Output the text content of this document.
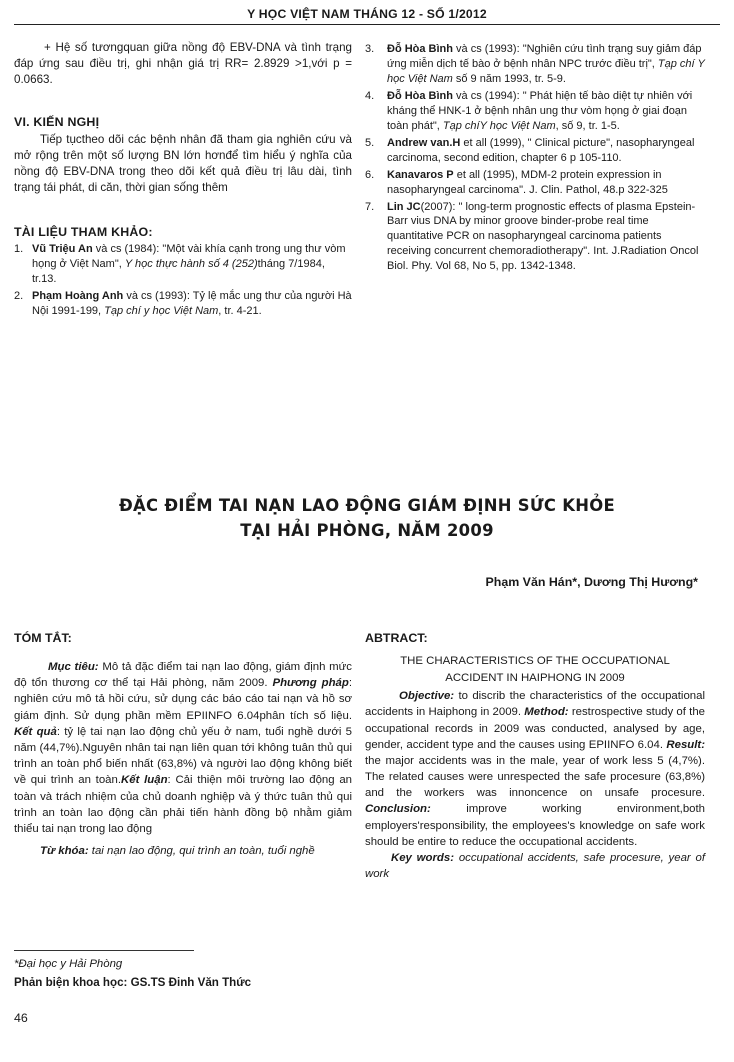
Y HỌC VIỆT NAM THÁNG 12 - SỐ 1/2012

+ Hệ số tươngquan giữa nồng độ EBV-DNA và tình trạng đáp ứng sau điều trị, ghi nhận giá trị RR= 2.8929 >1,với p = 0.0663.

VI. KIẾN NGHỊ

Tiếp tụctheo dõi các bệnh nhân đã tham gia nghiên cứu và mở rộng trên một số lượng BN lớn hơnđể tìm hiểu ý nghĩa của nồng độ EBV-DNA trong theo dõi kết quả điều trị lâu dài, tình trạng tái phát, di căn, thời gian sống thêm

TÀI LIỆU THAM KHẢO:

1. Vũ Triệu An và cs (1984): "Một vài khía cạnh trong ung thư vòm họng ở Việt Nam", Y học thực hành số 4 (252)tháng 7/1984, tr.13.
2. Phạm Hoàng Anh và cs (1993): Tỷ lệ mắc ung thư của người Hà Nội 1991-199, Tạp chí y học Việt Nam, tr. 4-21.
3. Đỗ Hòa Bình và cs (1993): "Nghiên cứu tình trạng suy giảm đáp ứng miễn dịch tế bào ở bệnh nhân NPC trước điều trị", Tạp chí Y học Việt Nam số 9 năm 1993, tr. 5-9.
4. Đỗ Hòa Bình và cs (1994): " Phát hiện tế bào diệt tự nhiên với kháng thể HNK-1 ở bệnh nhân ung thư vòm họng ở giai đoạn toàn phát", Tạp chíY học Việt Nam, số 9, tr. 1-5.
5. Andrew van.H et all (1999), " Clinical picture", nasopharyngeal carcinoma, second edition, chapter 6 p 105-110.
6. Kanavaros P et all (1995), MDM-2 protein expression in nasopharyngeal carcinoma". J. Clin. Pathol, 48.p 322-325
7. Lin JC(2007): " long-term prognostic effects of plasma Epstein- Barr vius DNA by minor groove binder-probe real time quantitative PCR on nasopharyngeal carcinoma patients receiving concurrent chemoradiotherapy". Int. J.Radiation Oncol Biol. Phy. Vol 68, No 5, pp. 1342-1348.
ĐẶC ĐIỂM TAI NẠN LAO ĐỘNG GIÁM ĐỊNH SỨC KHỎE
TẠI HẢI PHÒNG, NĂM 2009
Phạm Văn Hán*, Dương Thị Hương*

TÓM TẮT:

Mục tiêu: Mô tả đặc điểm tai nạn lao động, giám định mức độ tổn thương cơ thể tại Hải phòng, năm 2009. Phương pháp: nghiên cứu mô tả hồi cứu, sử dụng các báo cáo tai nạn và hồ sơ giám định. Sử dụng phần mềm EPIINFO 6.04phân tích số liệu. Kết quả: tỷ lệ tai nạn lao động chủ yếu ở nam, tuổi nghề dưới 5 năm (44,7%).Nguyên nhân tai nạn liên quan tới không tuân thủ qui trình an toàn phổ biến nhất (63,8%) và người lao động không biết về qui trình an toàn.Kết luận: Cải thiện môi trường lao động an toàn và trách nhiệm của chủ doanh nghiệp và ý thức tuân thủ qui trình an toàn lao động cần phải tiến hành đồng bộ nhằm giảm thiểu tai nạn trong lao động

Từ khóa: tai nạn lao động, qui trình an toàn, tuổi nghề

ABTRACT:

THE CHARACTERISTICS OF THE OCCUPATIONAL
ACCIDENT IN HAIPHONG IN 2009

Objective: to discrib the characteristics of the occupational accidents in Haiphong in 2009. Method: restrospective study of the occupational records in 2009 was conducted, analysed by age, gender, accident type and the causes using EPIINFO 6.04. Result: the major accidents was in the male, year of work less 5 (4,7%). The related causes were unrespected the safe procesure (63,8%) and the workers was innoncence on unsafe procesure. Conclusion: improve working environment,both employers'responsibility, the employees's knowledge on safe work should be entire to reduce the occupational accidents.

Key words: occupational accidents, safe procesure, year of work

*Đại học y Hải Phòng
Phản biện khoa học: GS.TS Đinh Văn Thức
46
